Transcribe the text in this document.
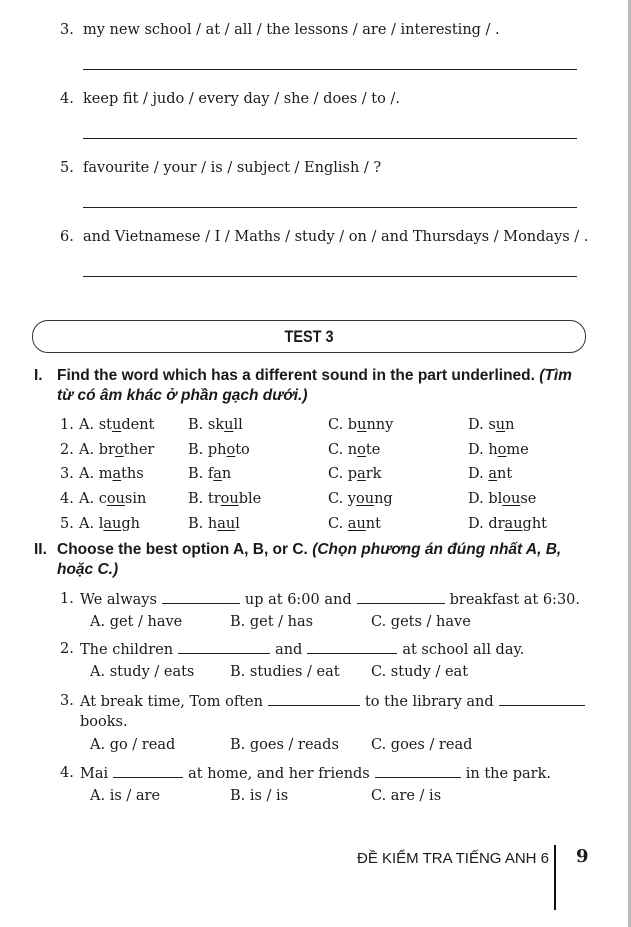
3. my new school / at / all / the lessons / are / interesting / .
4. keep fit / judo / every day / she / does / to /.
5. favourite / your / is / subject / English / ?
6. and Vietnamese / I / Maths / study / on / and Thursdays / Mondays / .
TEST 3
I. Find the word which has a different sound in the part underlined. (Tìm
từ có âm khác ở phần gạch dưới.)
1. A. student B. skull	C. bunny	D. sun
2. A. brother B. photo	C. note	D. home
3. A. maths	B. fan	C. park	D. ant
4. A. cousin	B. trouble	C. young	D. blouse
5. A. laugh	B. haul	C. aunt	D. draught
II. Choose the best option A, B, or C. (Chọn phương án đúng nhất A, B,
hoặc C.)
1. We always	up at 6:00 and	breakfast at 6:30.
A. get / have	B. get / has	C. gets / have
2. The children	and	at school all day.
A. study / eats B. studies / eat C. study / eat
3. At break time, Tom often	to the library and
books.
A. go / read	B. goes / reads C. goes / read
4. Mai	at home, and her friends	in the park.
A. is / are	B. is / is	C. are / is
ĐỀ KIỂM TRA TIẾNG ANH 6 9
